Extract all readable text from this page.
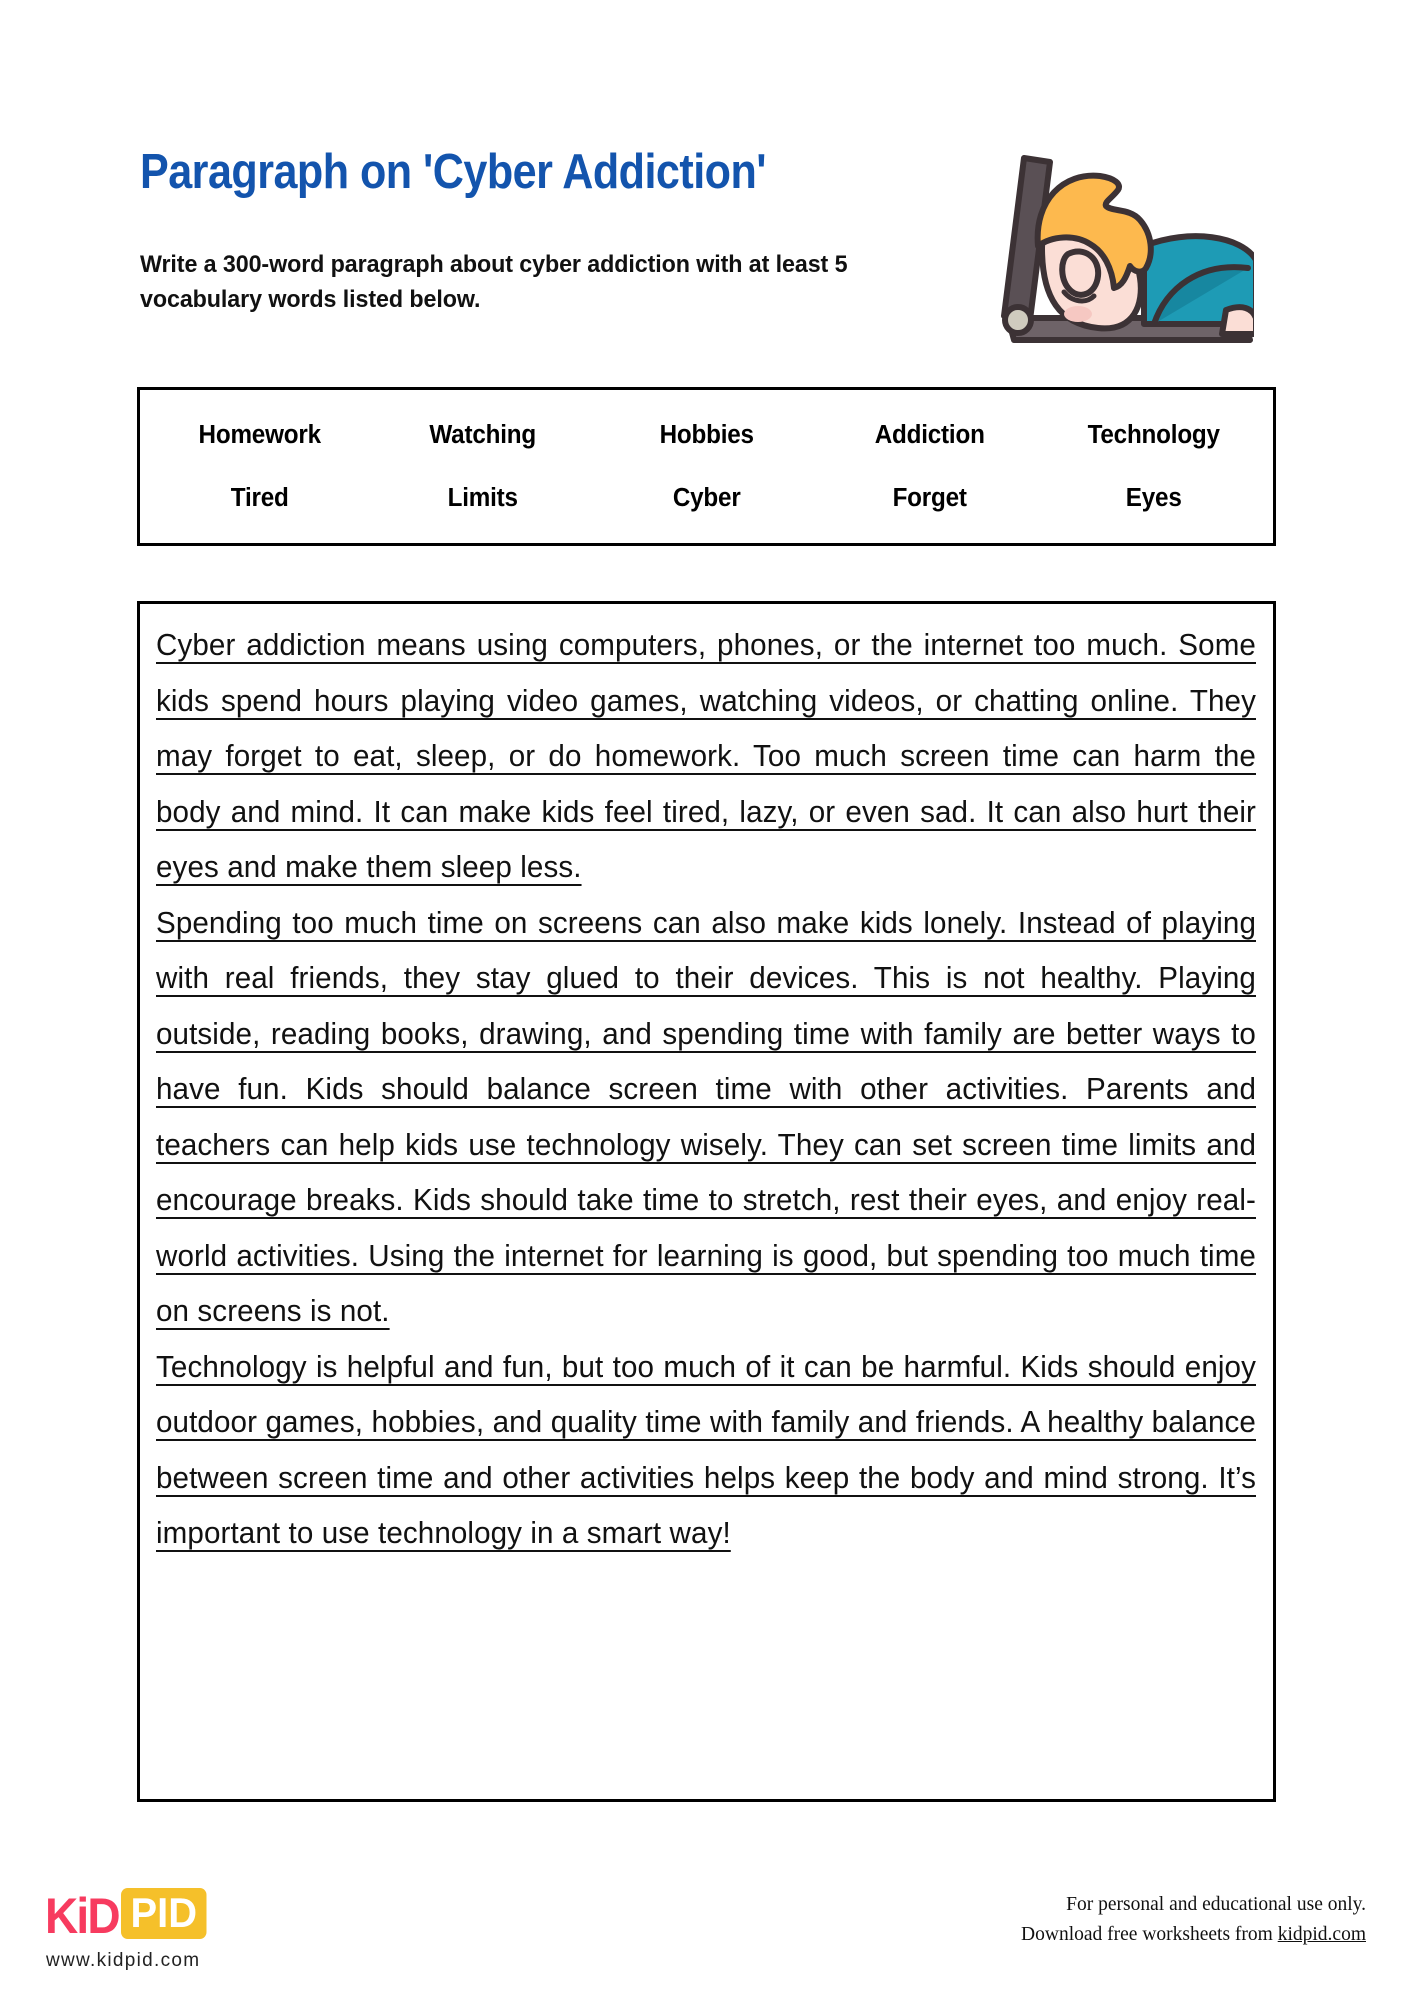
Paragraph on 'Cyber Addiction'
Write a 300-word paragraph about cyber addiction with at least 5 vocabulary words listed below.
Homework	Watching	Hobbies	Addiction	Technology
Tired	Limits	Cyber	Forget	Eyes
Cyber addiction means using computers, phones, or the internet too much. Some kids spend hours playing video games, watching videos, or chatting online. They may forget to eat, sleep, or do homework. Too much screen time can harm the body and mind. It can make kids feel tired, lazy, or even sad. It can also hurt their eyes and make them sleep less.
Spending too much time on screens can also make kids lonely. Instead of playing with real friends, they stay glued to their devices. This is not healthy. Playing outside, reading books, drawing, and spending time with family are better ways to have fun. Kids should balance screen time with other activities. Parents and teachers can help kids use technology wisely. They can set screen time limits and encourage breaks. Kids should take time to stretch, rest their eyes, and enjoy real-world activities. Using the internet for learning is good, but spending too much time on screens is not.
Technology is helpful and fun, but too much of it can be harmful. Kids should enjoy outdoor games, hobbies, and quality time with family and friends. A healthy balance between screen time and other activities helps keep the body and mind strong. It’s important to use technology in a smart way!
KiD PID
www.kidpid.com
For personal and educational use only.
Download free worksheets from kidpid.com
